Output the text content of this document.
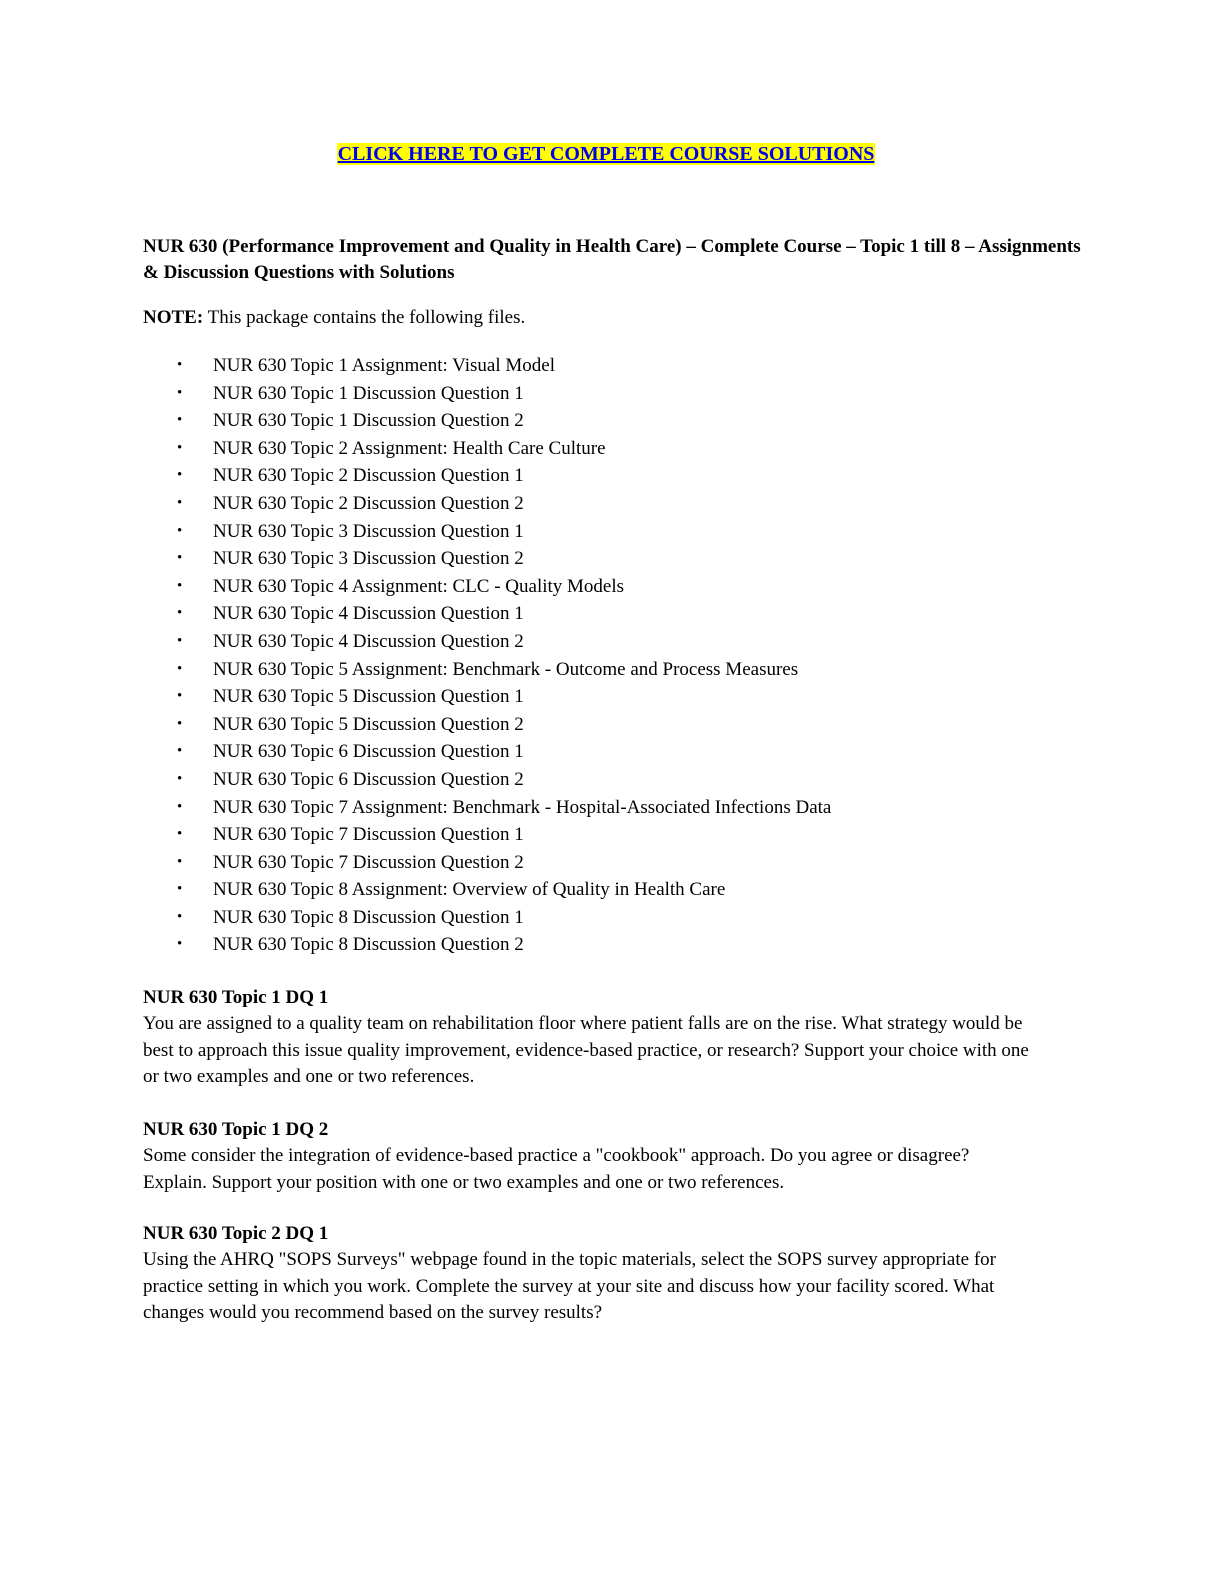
CLICK HERE TO GET COMPLETE COURSE SOLUTIONS

NUR 630 (Performance Improvement and Quality in Health Care) – Complete Course – Topic 1 till 8 – Assignments & Discussion Questions with Solutions

NOTE: This package contains the following files.

• NUR 630 Topic 1 Assignment: Visual Model
• NUR 630 Topic 1 Discussion Question 1
• NUR 630 Topic 1 Discussion Question 2
• NUR 630 Topic 2 Assignment: Health Care Culture
• NUR 630 Topic 2 Discussion Question 1
• NUR 630 Topic 2 Discussion Question 2
• NUR 630 Topic 3 Discussion Question 1
• NUR 630 Topic 3 Discussion Question 2
• NUR 630 Topic 4 Assignment: CLC - Quality Models
• NUR 630 Topic 4 Discussion Question 1
• NUR 630 Topic 4 Discussion Question 2
• NUR 630 Topic 5 Assignment: Benchmark - Outcome and Process Measures
• NUR 630 Topic 5 Discussion Question 1
• NUR 630 Topic 5 Discussion Question 2
• NUR 630 Topic 6 Discussion Question 1
• NUR 630 Topic 6 Discussion Question 2
• NUR 630 Topic 7 Assignment: Benchmark - Hospital-Associated Infections Data
• NUR 630 Topic 7 Discussion Question 1
• NUR 630 Topic 7 Discussion Question 2
• NUR 630 Topic 8 Assignment: Overview of Quality in Health Care
• NUR 630 Topic 8 Discussion Question 1
• NUR 630 Topic 8 Discussion Question 2

NUR 630 Topic 1 DQ 1

You are assigned to a quality team on rehabilitation floor where patient falls are on the rise. What strategy would be
best to approach this issue quality improvement, evidence-based practice, or research? Support your choice with one
or two examples and one or two references.

NUR 630 Topic 1 DQ 2

Some consider the integration of evidence-based practice a "cookbook" approach. Do you agree or disagree?
Explain. Support your position with one or two examples and one or two references.

NUR 630 Topic 2 DQ 1

Using the AHRQ "SOPS Surveys" webpage found in the topic materials, select the SOPS survey appropriate for
practice setting in which you work. Complete the survey at your site and discuss how your facility scored. What
changes would you recommend based on the survey results?
